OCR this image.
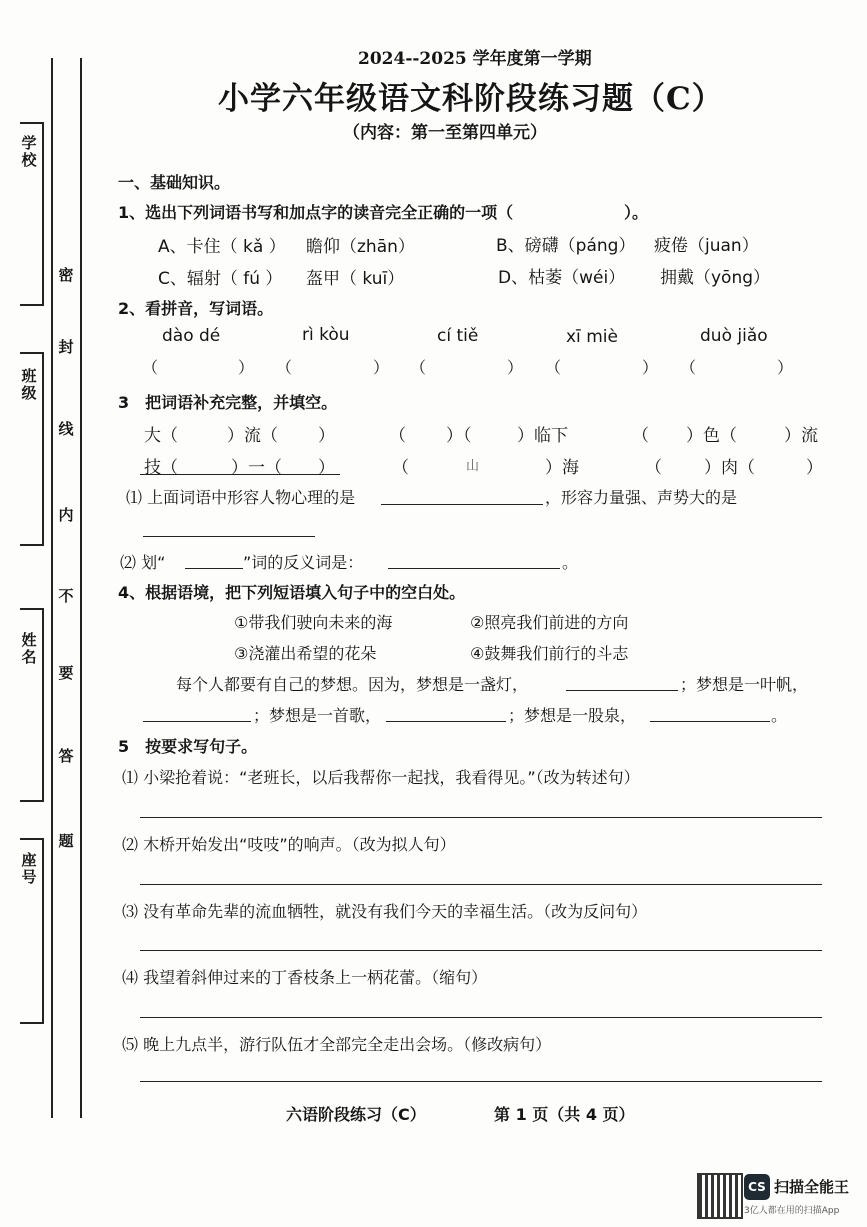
学 校
班 级
姓 名
座 号
密
封
线
内
不
要
答
题
2024--2025 学年度第一学期
小学六年级语文科阶段练习题（C）
（内容：第一至第四单元）
一、基础知识。
1、选出下列词语书写和加点字的读音完全正确的一项（	）。
A、卡住（ kǎ ） 瞻仰（zhān）	B、磅礴（páng） 疲倦（juan）
C、辐射（ fú ） 盔甲（ kuī）	D、枯萎（wéi） 拥戴（yōng）
2、看拼音，写词语。
dào dé	rì kòu	cí tiě	xī miè	duò jiǎo
（	） （	） （	） （	） （	）
3　把词语补充完整，并填空。
大（	）流（ ）	（ ）（	）临下	（ ）色（	）流
技（	）一（ ）	（	山	）海	（ ）肉（	）
⑴ 上面词语中形容人物心理的是	，形容力量强、声势大的是
⑵ 划“	”词的反义词是：	。
4、根据语境，把下列短语填入句子中的空白处。
①带我们驶向未来的海	②照亮我们前进的方向
③浇灌出希望的花朵	④鼓舞我们前行的斗志
每个人都要有自己的梦想。因为，梦想是一盏灯，	；梦想是一叶帆，
；梦想是一首歌，	；梦想是一股泉，	。
5　按要求写句子。
⑴ 小梁抢着说：“老班长，以后我帮你一起找，我看得见。”（改为转述句）
⑵ 木桥开始发出“吱吱”的响声。（改为拟人句）
⑶ 没有革命先辈的流血牺牲，就没有我们今天的幸福生活。（改为反问句）
⑷ 我望着斜伸过来的丁香枝条上一柄花蕾。（缩句）
⑸ 晚上九点半，游行队伍才全部完全走出会场。（修改病句）
六语阶段练习（C）	第 1 页（共 4 页）
CS 扫描全能王
3亿人都在用的扫描App
